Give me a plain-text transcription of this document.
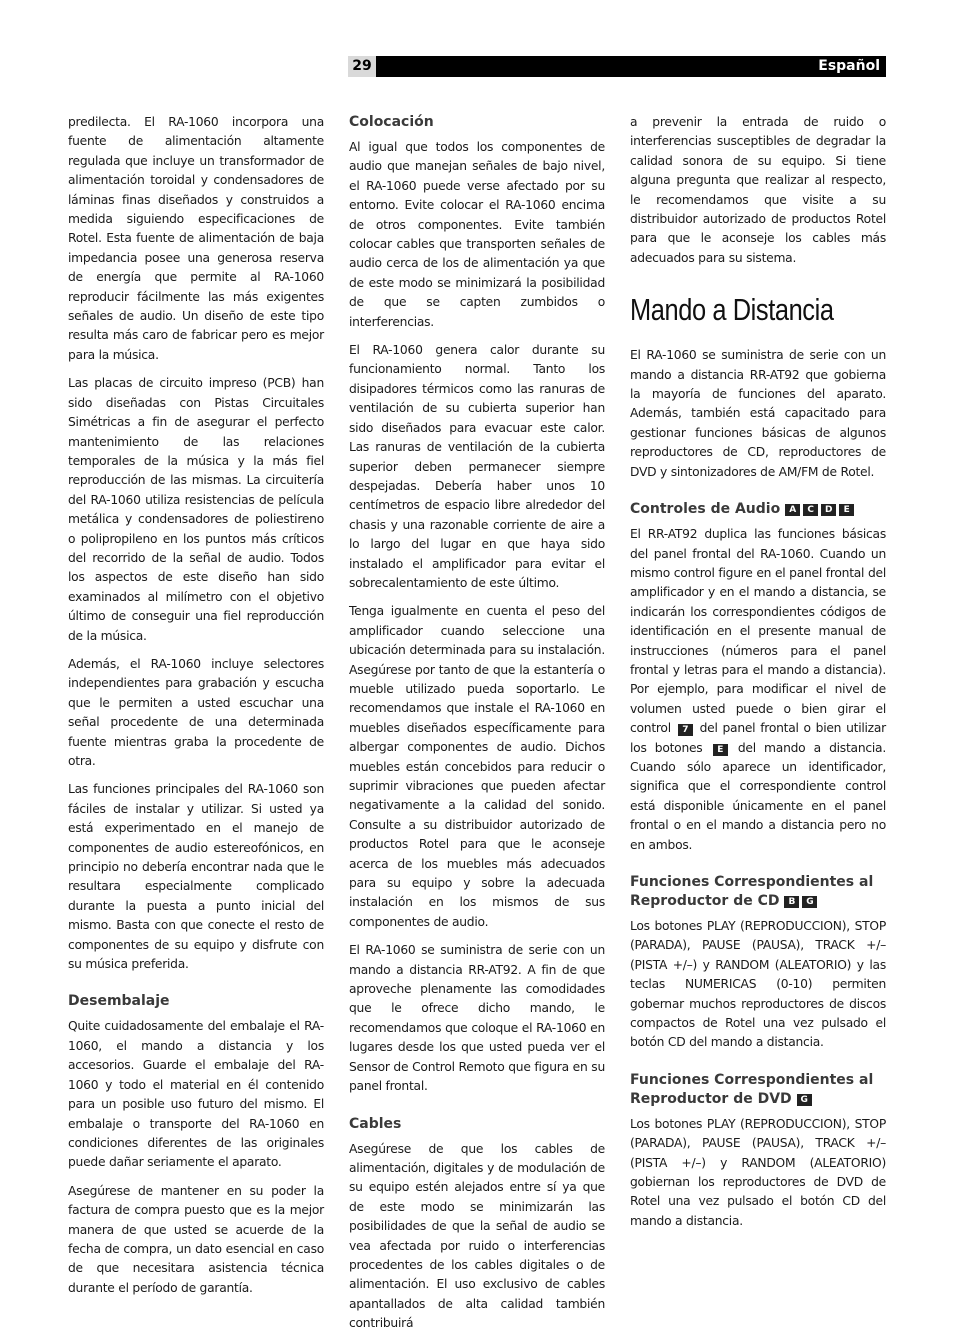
29	Español

predilecta. El RA-1060 incorpora una fuente de alimentación altamente regulada que incluye un transformador de alimentación toroidal y condensadores de láminas finas diseñados y construidos a medida siguiendo especificaciones de Rotel. Esta fuente de alimentación de baja impedancia posee una generosa reserva de energía que permite al RA-1060 reproducir fácilmente las más exigentes señales de audio. Un diseño de este tipo resulta más caro de fabricar pero es mejor para la música.

Las placas de circuito impreso (PCB) han sido diseñadas con Pistas Circuitales Simétricas a fin de asegurar el perfecto mantenimiento de las relaciones temporales de la música y la más fiel reproducción de las mismas. La circuitería del RA-1060 utiliza resistencias de película metálica y condensadores de poliestireno o polipropileno en los puntos más críticos del recorrido de la señal de audio. Todos los aspectos de este diseño han sido examinados al milímetro con el objetivo último de conseguir una fiel reproducción de la música.

Además, el RA-1060 incluye selectores independientes para grabación y escucha que le permiten a usted escuchar una señal procedente de una determinada fuente mientras graba la procedente de otra.

Las funciones principales del RA-1060 son fáciles de instalar y utilizar. Si usted ya está experimentado en el manejo de componentes de audio estereofónicos, en principio no debería encontrar nada que le resultara especialmente complicado durante la puesta a punto inicial del mismo. Basta con que conecte el resto de componentes de su equipo y disfrute con su música preferida.

Desembalaje

Quite cuidadosamente del embalaje el RA-1060, el mando a distancia y los accesorios. Guarde el embalaje del RA-1060 y todo el material en él contenido para un posible uso futuro del mismo. El embalaje o transporte del RA-1060 en condiciones diferentes de las originales puede dañar seriamente el aparato.

Asegúrese de mantener en su poder la factura de compra puesto que es la mejor manera de que usted se acuerde de la fecha de compra, un dato esencial en caso de que necesitara asistencia técnica durante el período de garantía.

Colocación

Al igual que todos los componentes de audio que manejan señales de bajo nivel, el RA-1060 puede verse afectado por su entorno. Evite colocar el RA-1060 encima de otros componentes. Evite también colocar cables que transporten señales de audio cerca de los de alimentación ya que de este modo se minimizará la posibilidad de que se capten zumbidos o interferencias.

El RA-1060 genera calor durante su funcionamiento normal. Tanto los disipadores térmicos como las ranuras de ventilación de su cubierta superior han sido diseñados para evacuar este calor. Las ranuras de ventilación de la cubierta superior deben permanecer siempre despejadas. Debería haber unos 10 centímetros de espacio libre alrededor del chasis y una razonable corriente de aire a lo largo del lugar en que haya sido instalado el amplificador para evitar el sobrecalentamiento de este último.

Tenga igualmente en cuenta el peso del amplificador cuando seleccione una ubicación determinada para su instalación. Asegúrese por tanto de que la estantería o mueble utilizado pueda soportarlo. Le recomendamos que instale el RA-1060 en muebles diseñados específicamente para albergar componentes de audio. Dichos muebles están concebidos para reducir o suprimir vibraciones que pueden afectar negativamente a la calidad del sonido. Consulte a su distribuidor autorizado de productos Rotel para que le aconseje acerca de los muebles más adecuados para su equipo y sobre la adecuada instalación en los mismos de sus componentes de audio.

El RA-1060 se suministra de serie con un mando a distancia RR-AT92. A fin de que aproveche plenamente las comodidades que le ofrece dicho mando, le recomendamos que coloque el RA-1060 en lugares desde los que usted pueda ver el Sensor de Control Remoto que figura en su panel frontal.

Cables

Asegúrese de que los cables de alimentación, digitales y de modulación de su equipo estén alejados entre sí ya que de este modo se minimizarán las posibilidades de que la señal de audio se vea afectada por ruido o interferencias procedentes de los cables digitales o de alimentación. El uso exclusivo de cables apantallados de alta calidad también contribuirá

a prevenir la entrada de ruido o interferencias susceptibles de degradar la calidad sonora de su equipo. Si tiene alguna pregunta que realizar al respecto, le recomendamos que visite a su distribuidor autorizado de productos Rotel para que le aconseje los cables más adecuados para su sistema.

Mando a Distancia

El RA-1060 se suministra de serie con un mando a distancia RR-AT92 que gobierna la mayoría de funciones del aparato. Además, también está capacitado para gestionar funciones básicas de algunos reproductores de CD, reproductores de DVD y sintonizadores de AM/FM de Rotel.

Controles de Audio A C D E

El RR-AT92 duplica las funciones básicas del panel frontal del RA-1060. Cuando un mismo control figure en el panel frontal del amplificador y en el mando a distancia, se indicarán los correspondientes códigos de identificación en el presente manual de instrucciones (números para el panel frontal y letras para el mando a distancia). Por ejemplo, para modificar el nivel de volumen usted puede o bien girar el control 7 del panel frontal o bien utilizar los botones E del mando a distancia. Cuando sólo aparece un identificador, significa que el correspondiente control está disponible únicamente en el panel frontal o en el mando a distancia pero no en ambos.

Funciones Correspondientes al Reproductor de CD B G

Los botones PLAY (REPRODUCCION), STOP (PARADA), PAUSE (PAUSA), TRACK +/– (PISTA +/–) y RANDOM (ALEATORIO) y las teclas NUMERICAS (0-10) permiten gobernar muchos reproductores de discos compactos de Rotel una vez pulsado el botón CD del mando a distancia.

Funciones Correspondientes al Reproductor de DVD G

Los botones PLAY (REPRODUCCION), STOP (PARADA), PAUSE (PAUSA), TRACK +/– (PISTA +/–) y RANDOM (ALEATORIO) gobiernan los reproductores de DVD de Rotel una vez pulsado el botón CD del mando a distancia.
